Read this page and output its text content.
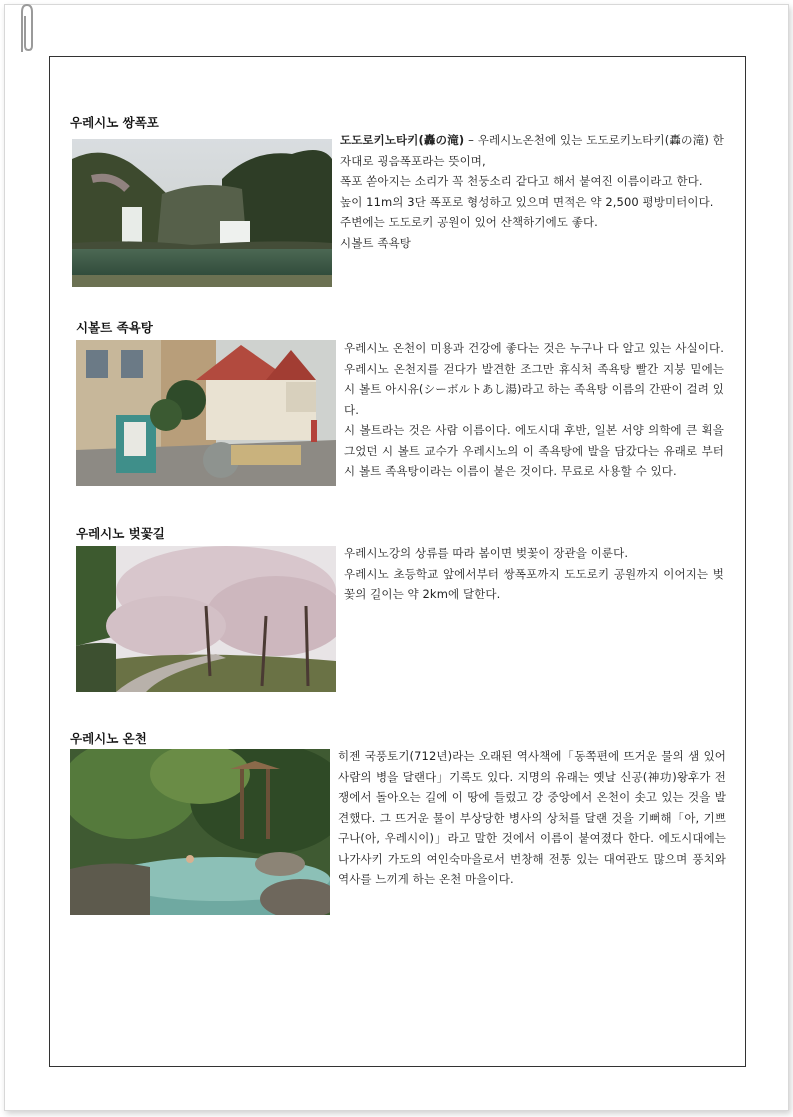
우레시노 쌍폭포

도도로키노타키(轟の滝) – 우레시노온천에 있는 도도로키노타키(轟の滝) 한자대로 굉음폭포라는 뜻이며,

폭포 쏟아지는 소리가 꼭 천둥소리 같다고 해서 붙여진 이름이라고 한다.

높이 11m의 3단 폭포로 형성하고 있으며 면적은 약 2,500 평방미터이다.

주변에는 도도로키 공원이 있어 산책하기에도 좋다.

시볼트 족욕탕

시볼트 족욕탕

우레시노 온천이 미용과 건강에 좋다는 것은 누구나 다 알고 있는 사실이다. 우레시노 온천지를 걷다가 발견한 조그만 휴식처 족욕탕 빨간 지붕 밑에는 시 볼트 아시유(シーボルトあし湯)라고 하는 족욕탕 이름의 간판이 걸려 있다.

시 볼트라는 것은 사람 이름이다. 에도시대 후반, 일본 서양 의학에 큰 획을 그었던 시 볼트 교수가 우레시노의 이 족욕탕에 발을 담갔다는 유래로 부터 시 볼트 족욕탕이라는 이름이 붙은 것이다. 무료로 사용할 수 있다.

우레시노 벚꽃길

우레시노강의 상류를 따라 봄이면 벚꽃이 장관을 이룬다.

우레시노 초등학교 앞에서부터 쌍폭포까지 도도로키 공원까지 이어지는 벚꽃의 길이는 약 2km에 달한다.

우레시노 온천

히젠 국풍토기(712년)라는 오래된 역사책에「동쪽편에 뜨거운 물의 샘 있어 사람의 병을 달랜다」기록도 있다. 지명의 유래는 옛날 신공(神功)왕후가 전쟁에서 돌아오는 길에 이 땅에 들렀고 강 중앙에서 온천이 솟고 있는 것을 발견했다. 그 뜨거운 물이 부상당한 병사의 상처를 달랜 것을 기뻐해「아, 기쁘구나(아, 우레시이)」라고 말한 것에서 이름이 붙여졌다 한다. 에도시대에는 나가사키 가도의 여인숙마을로서 번창해 전통 있는 대여관도 많으며 풍치와 역사를 느끼게 하는 온천 마을이다.
